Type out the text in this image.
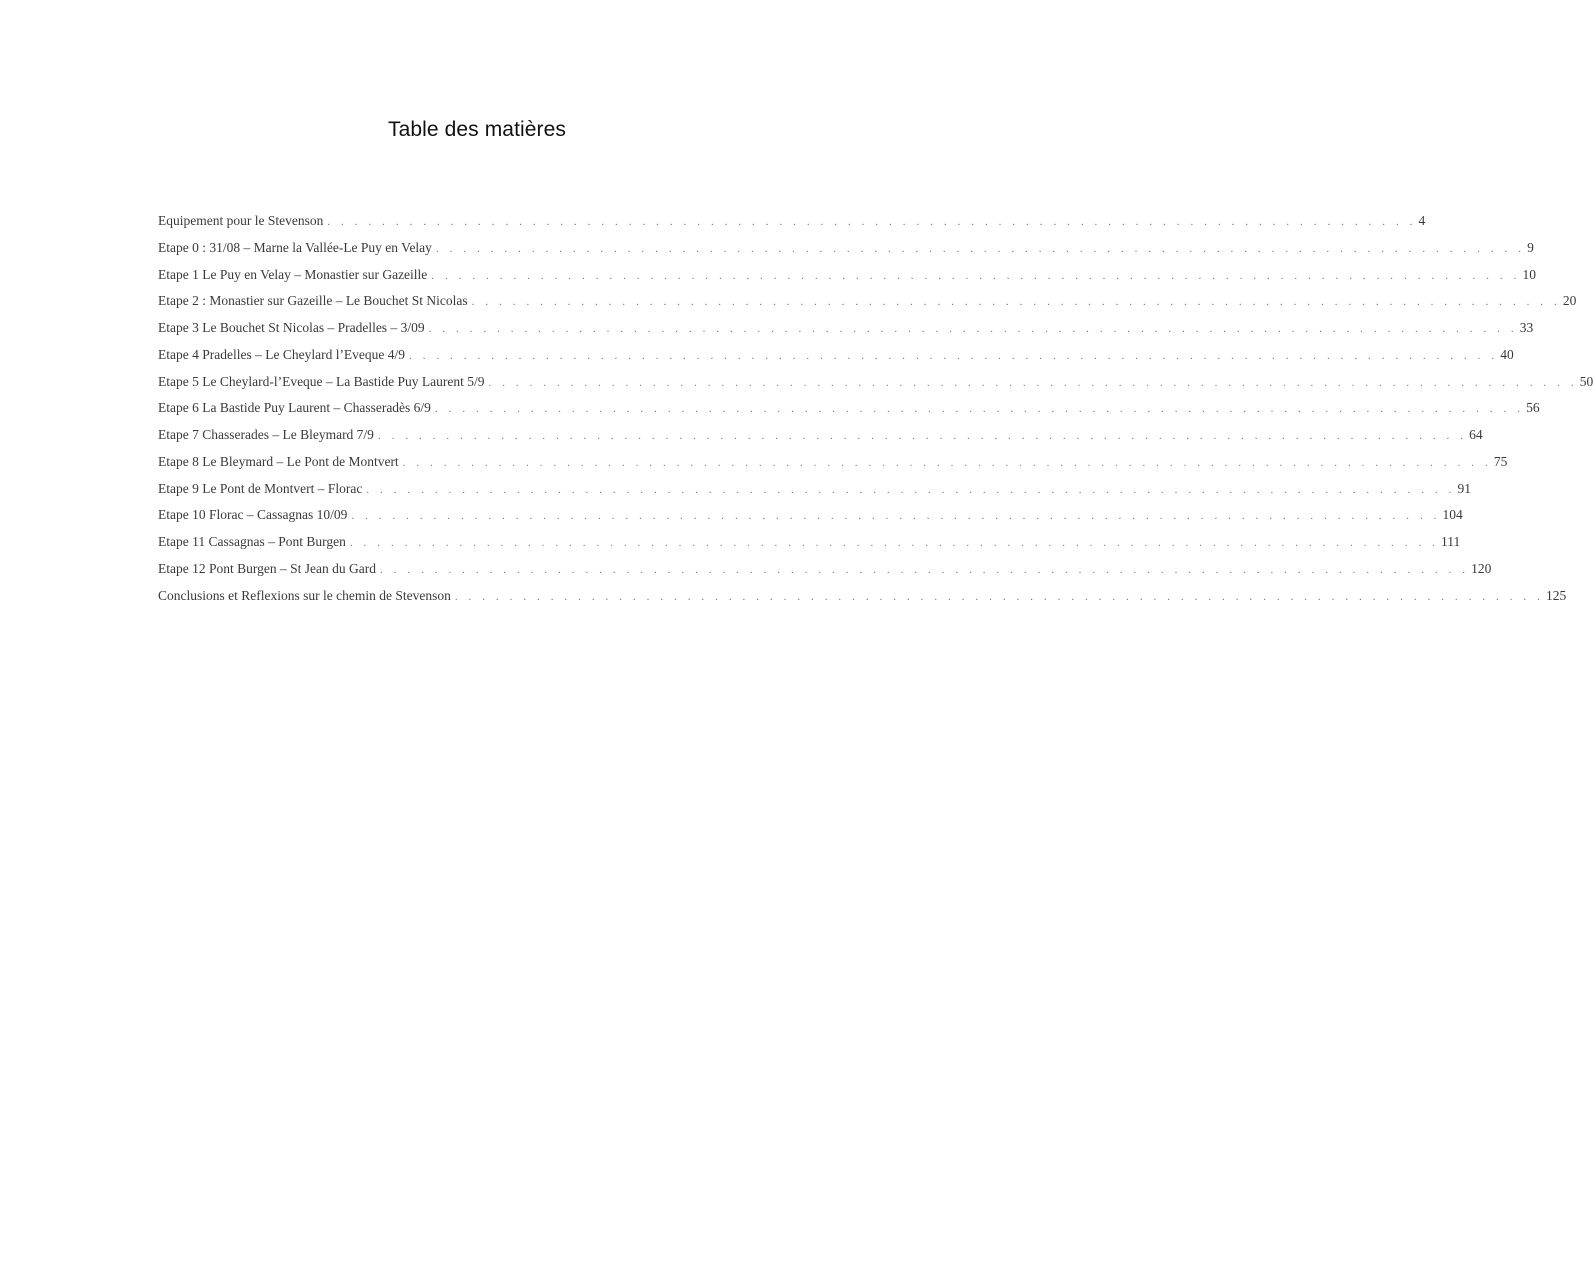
Table des matières
Equipement pour le Stevenson . . . . . . . . . . . . . . . . . . . . . . . . . . . . . . . . . . . . . . . . . . . . . . . . . . . . . . . . . . . . . . . . . . . . . . . . . . . . . . . . 4
Etape 0 : 31/08 – Marne la Vallée-Le Puy en Velay . . . . . . . . . . . . . . . . . . . . . . . . . . . . . . . . . . . . . . . . . . . . . . . . . . . . . . . . . . . . . . . . . . . . . . . . . . . . . . . . 9
Etape 1 Le Puy en Velay – Monastier sur Gazeille . . . . . . . . . . . . . . . . . . . . . . . . . . . . . . . . . . . . . . . . . . . . . . . . . . . . . . . . . . . . . . . . . . . . . . . . . . . . . . . . 10
Etape 2 : Monastier sur Gazeille – Le Bouchet St Nicolas . . . . . . . . . . . . . . . . . . . . . . . . . . . . . . . . . . . . . . . . . . . . . . . . . . . . . . . . . . . . . . . . . . . . . . . . . . . . . . . . 20
Etape 3 Le Bouchet St Nicolas – Pradelles – 3/09 . . . . . . . . . . . . . . . . . . . . . . . . . . . . . . . . . . . . . . . . . . . . . . . . . . . . . . . . . . . . . . . . . . . . . . . . . . . . . . . . 33
Etape 4 Pradelles – Le Cheylard l’Eveque 4/9 . . . . . . . . . . . . . . . . . . . . . . . . . . . . . . . . . . . . . . . . . . . . . . . . . . . . . . . . . . . . . . . . . . . . . . . . . . . . . . . . 40
Etape 5 Le Cheylard-l’Eveque – La Bastide Puy Laurent 5/9 . . . . . . . . . . . . . . . . . . . . . . . . . . . . . . . . . . . . . . . . . . . . . . . . . . . . . . . . . . . . . . . . . . . . . . . . . . . . . . . . 50
Etape 6 La Bastide Puy Laurent – Chasseradès 6/9 . . . . . . . . . . . . . . . . . . . . . . . . . . . . . . . . . . . . . . . . . . . . . . . . . . . . . . . . . . . . . . . . . . . . . . . . . . . . . . . . 56
Etape 7 Chasserades – Le Bleymard 7/9 . . . . . . . . . . . . . . . . . . . . . . . . . . . . . . . . . . . . . . . . . . . . . . . . . . . . . . . . . . . . . . . . . . . . . . . . . . . . . . . . 64
Etape 8 Le Bleymard – Le Pont de Montvert . . . . . . . . . . . . . . . . . . . . . . . . . . . . . . . . . . . . . . . . . . . . . . . . . . . . . . . . . . . . . . . . . . . . . . . . . . . . . . . . 75
Etape 9 Le Pont de Montvert – Florac . . . . . . . . . . . . . . . . . . . . . . . . . . . . . . . . . . . . . . . . . . . . . . . . . . . . . . . . . . . . . . . . . . . . . . . . . . . . . . . . 91
Etape 10 Florac – Cassagnas 10/09 . . . . . . . . . . . . . . . . . . . . . . . . . . . . . . . . . . . . . . . . . . . . . . . . . . . . . . . . . . . . . . . . . . . . . . . . . . . . . . . . 104
Etape 11 Cassagnas – Pont Burgen . . . . . . . . . . . . . . . . . . . . . . . . . . . . . . . . . . . . . . . . . . . . . . . . . . . . . . . . . . . . . . . . . . . . . . . . . . . . . . . . 111
Etape 12 Pont Burgen – St Jean du Gard . . . . . . . . . . . . . . . . . . . . . . . . . . . . . . . . . . . . . . . . . . . . . . . . . . . . . . . . . . . . . . . . . . . . . . . . . . . . . . . . 120
Conclusions et Reflexions sur le chemin de Stevenson . . . . . . . . . . . . . . . . . . . . . . . . . . . . . . . . . . . . . . . . . . . . . . . . . . . . . . . . . . . . . . . . . . . . . . . . . . . . . . . . 125
